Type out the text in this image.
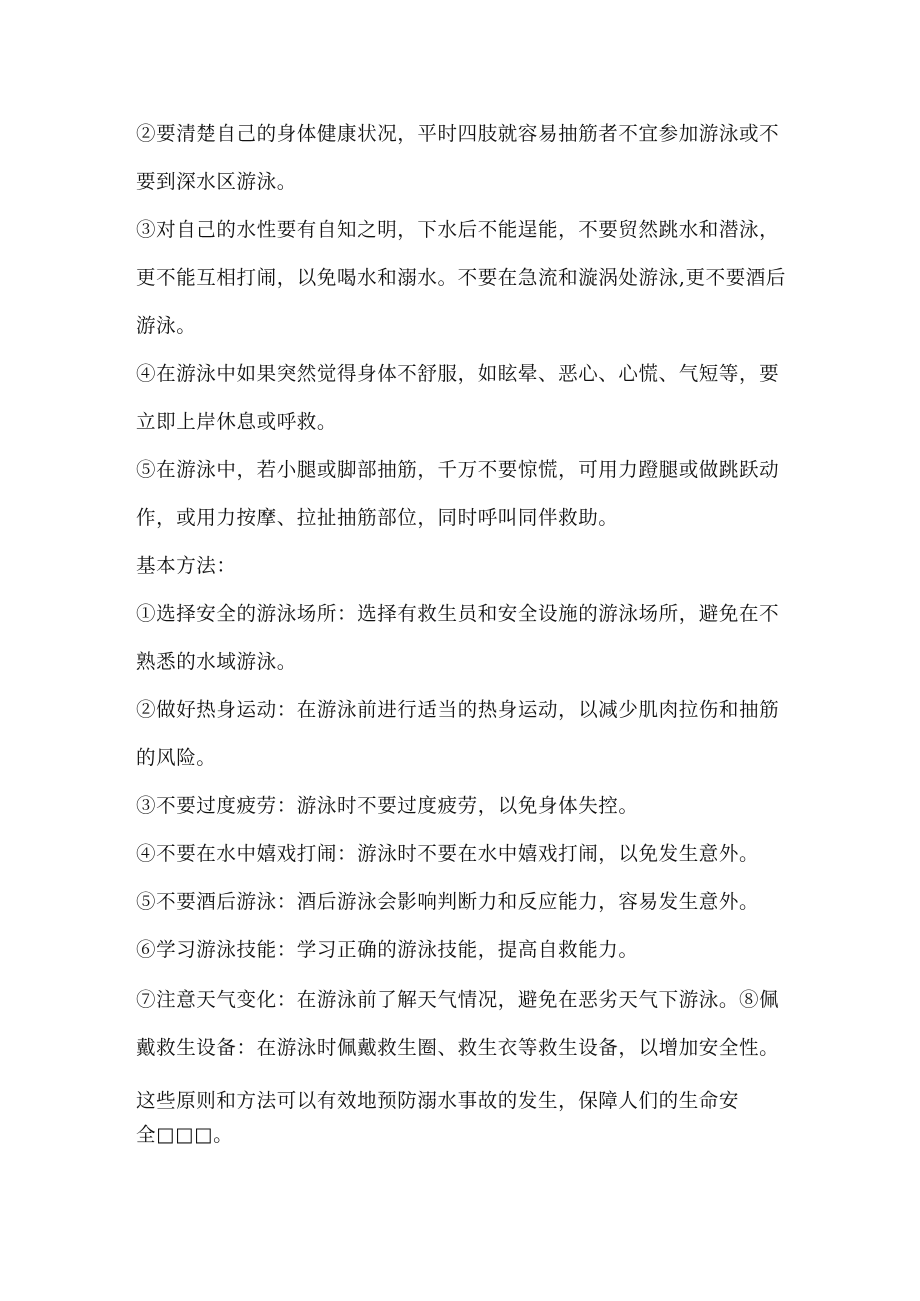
②要清楚自己的身体健康状况，平时四肢就容易抽筋者不宜参加游泳或不
要到深水区游泳。

③对自己的水性要有自知之明，下水后不能逞能，不要贸然跳水和潜泳，
更不能互相打闹，以免喝水和溺水。不要在急流和漩涡处游泳,更不要酒后
游泳。

④在游泳中如果突然觉得身体不舒服，如眩晕、恶心、心慌、气短等，要
立即上岸休息或呼救。

⑤在游泳中，若小腿或脚部抽筋，千万不要惊慌，可用力蹬腿或做跳跃动
作，或用力按摩、拉扯抽筋部位，同时呼叫同伴救助。

基本方法：

①选择安全的游泳场所：选择有救生员和安全设施的游泳场所，避免在不
熟悉的水域游泳。

②做好热身运动：在游泳前进行适当的热身运动，以减少肌肉拉伤和抽筋
的风险。

③不要过度疲劳：游泳时不要过度疲劳，以免身体失控。

④不要在水中嬉戏打闹：游泳时不要在水中嬉戏打闹，以免发生意外。

⑤不要酒后游泳：酒后游泳会影响判断力和反应能力，容易发生意外。

⑥学习游泳技能：学习正确的游泳技能，提高自救能力。

⑦注意天气变化：在游泳前了解天气情况，避免在恶劣天气下游泳。⑧佩
戴救生设备：在游泳时佩戴救生圈、救生衣等救生设备，以增加安全性。

这些原则和方法可以有效地预防溺水事故的发生，保障人们的生命安
全□□□。
